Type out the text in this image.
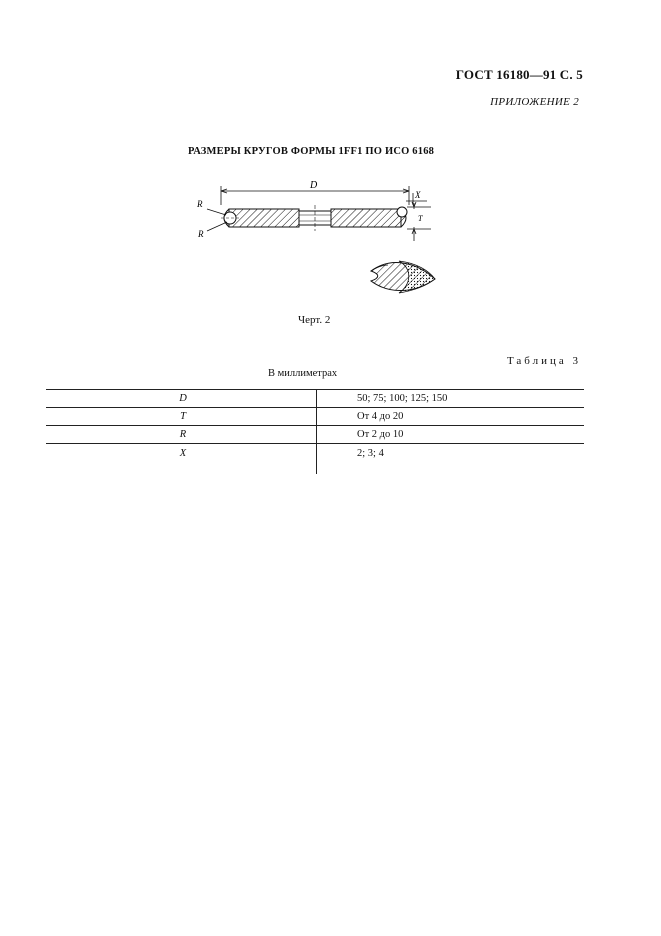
ГОСТ 16180—91 С. 5
ПРИЛОЖЕНИЕ 2
РАЗМЕРЫ КРУГОВ ФОРМЫ 1FF1 ПО ИСО 6168
D
X
T
R
R
Черт. 2
Таблица 3
В миллиметрах
D	50; 75; 100; 125; 150
T	От 4 до 20
R	От 2 до 10
X	2; 3; 4
